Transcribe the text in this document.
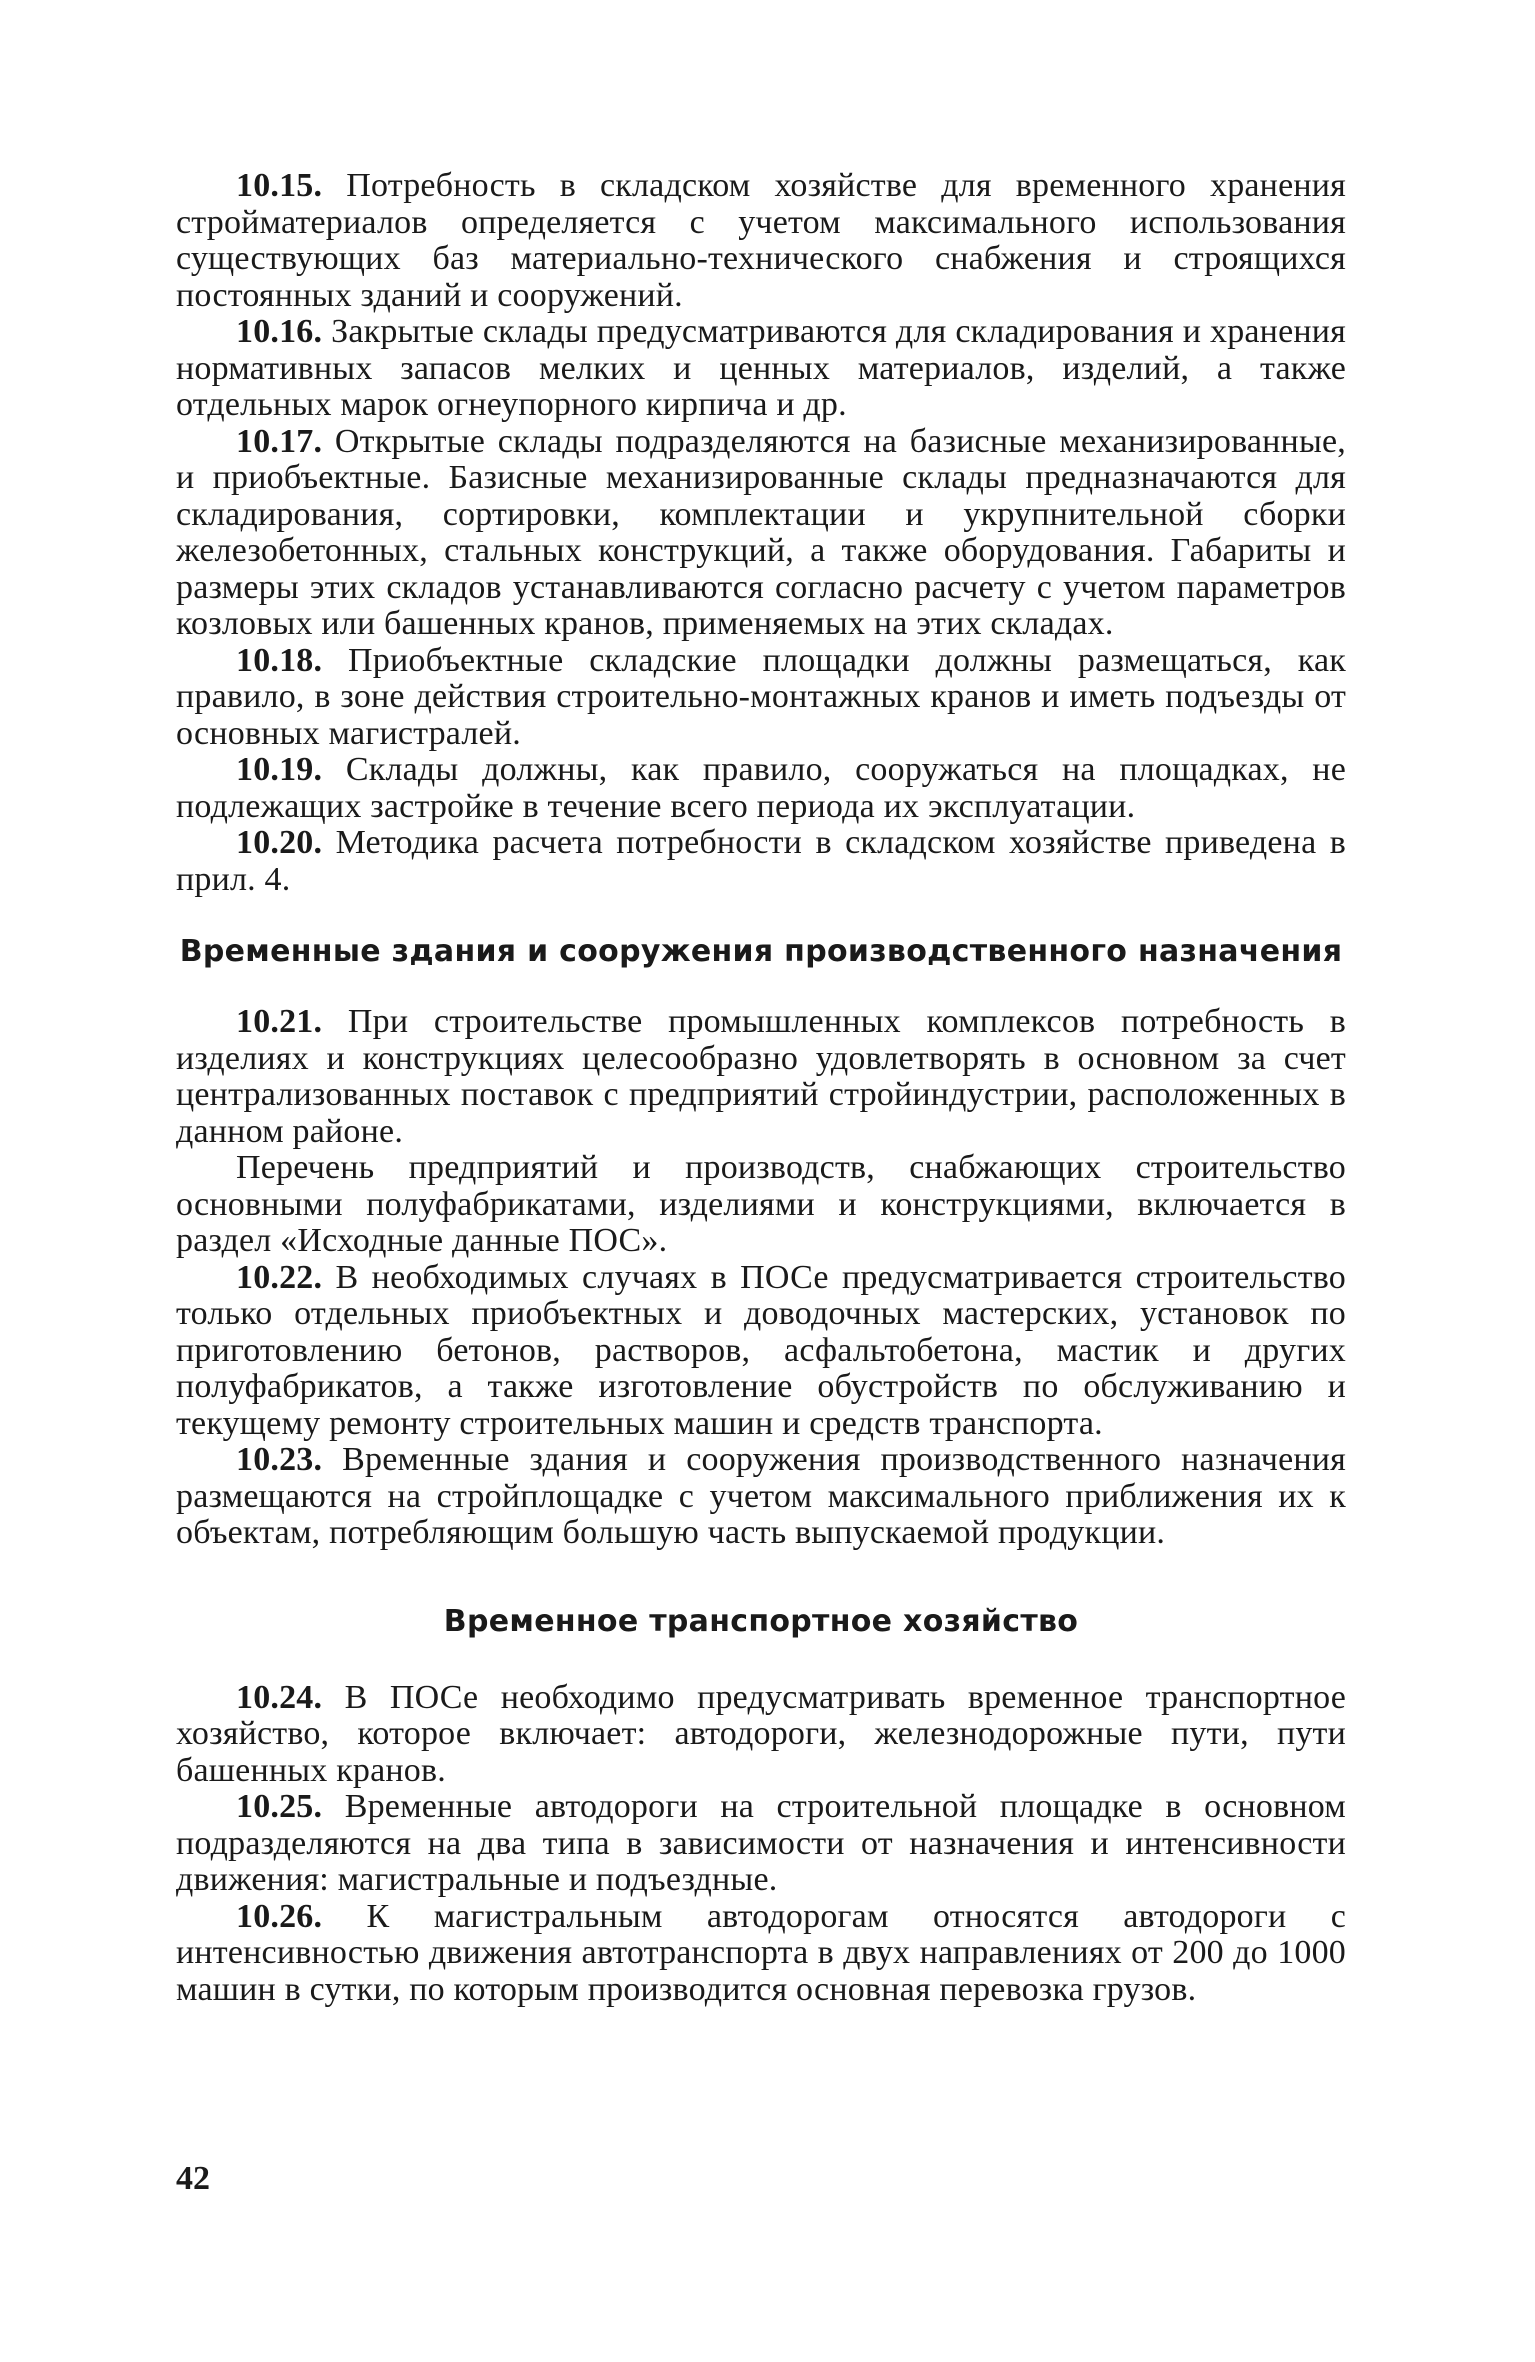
10.15. Потребность в складском хозяйстве для временного хранения стройматериалов определяется с учетом максимального использования существующих баз материально-технического снабжения и строящихся постоянных зданий и сооружений.

10.16. Закрытые склады предусматриваются для складирования и хранения нормативных запасов мелких и ценных материалов, изделий, а также отдельных марок огнеупорного кирпича и др.

10.17. Открытые склады подразделяются на базисные механизированные, и приобъектные. Базисные механизированные склады предназначаются для складирования, сортировки, комплектации и укрупнительной сборки железобетонных, стальных конструкций, а также оборудования. Габариты и размеры этих складов устанавливаются согласно расчету с учетом параметров козловых или башенных кранов, применяемых на этих складах.

10.18. Приобъектные складские площадки должны размещаться, как правило, в зоне действия строительно-монтажных кранов и иметь подъезды от основных магистралей.

10.19. Склады должны, как правило, сооружаться на площадках, не подлежащих застройке в течение всего периода их эксплуатации.

10.20. Методика расчета потребности в складском хозяйстве приведена в прил. 4.

Временные здания и сооружения производственного назначения

10.21. При строительстве промышленных комплексов потребность в изделиях и конструкциях целесообразно удовлетворять в основном за счет централизованных поставок с предприятий стройиндустрии, расположенных в данном районе.

Перечень предприятий и производств, снабжающих строительство основными полуфабрикатами, изделиями и конструкциями, включается в раздел «Исходные данные ПОС».

10.22. В необходимых случаях в ПОСе предусматривается строительство только отдельных приобъектных и доводочных мастерских, установок по приготовлению бетонов, растворов, асфальтобетона, мастик и других полуфабрикатов, а также изготовление обустройств по обслуживанию и текущему ремонту строительных машин и средств транспорта.

10.23. Временные здания и сооружения производственного назначения размещаются на стройплощадке с учетом максимального приближения их к объектам, потребляющим большую часть выпускаемой продукции.

Временное транспортное хозяйство

10.24. В ПОСе необходимо предусматривать временное транспортное хозяйство, которое включает: автодороги, железнодорожные пути, пути башенных кранов.

10.25. Временные автодороги на строительной площадке в основном подразделяются на два типа в зависимости от назначения и интенсивности движения: магистральные и подъездные.

10.26. К магистральным автодорогам относятся автодороги с интенсивностью движения автотранспорта в двух направлениях от 200 до 1000 машин в сутки, по которым производится основная перевозка грузов.

42
